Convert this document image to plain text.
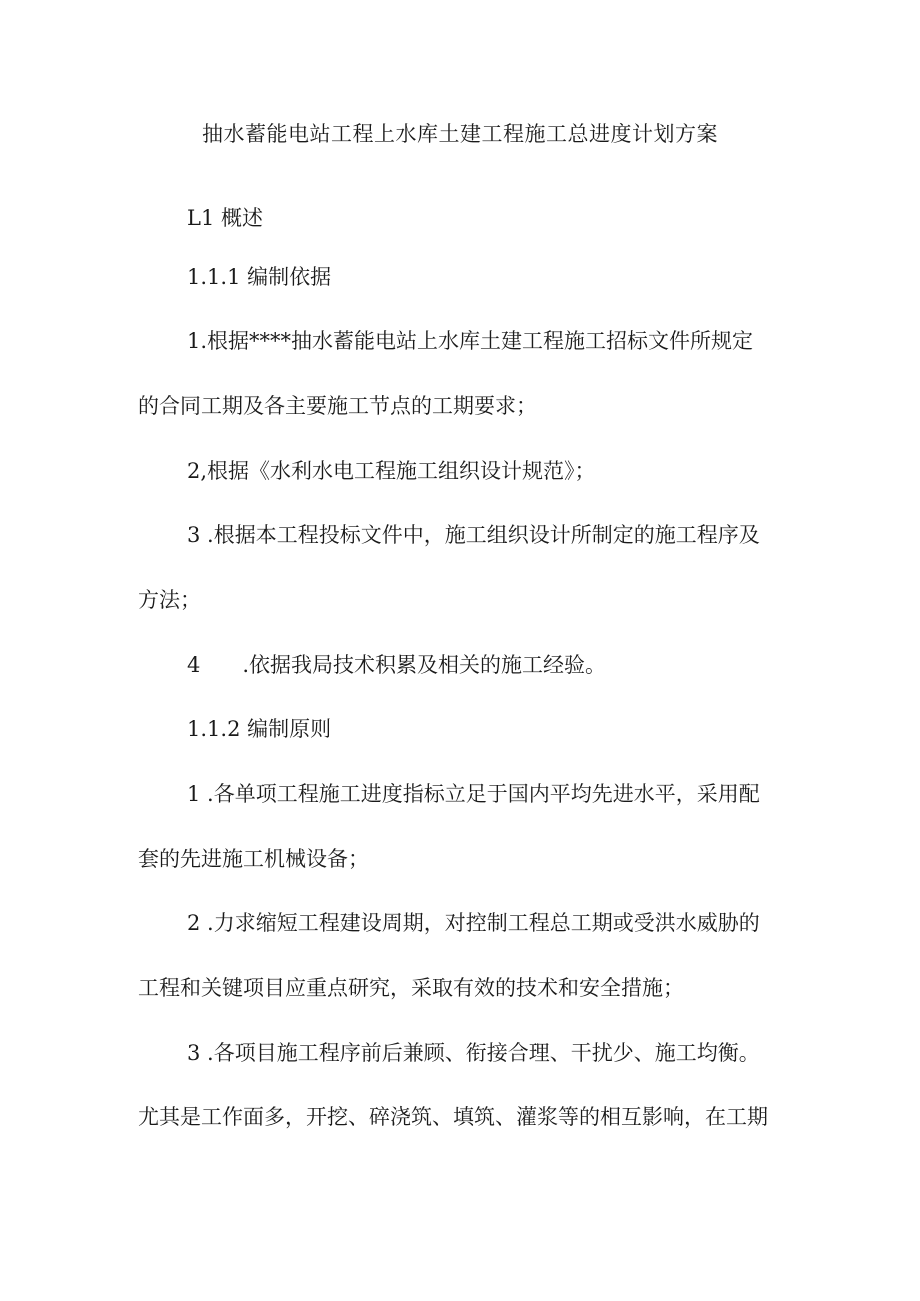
抽水蓄能电站工程上水库土建工程施工总进度计划方案
L1 概述
1.1.1 编制依据
1.根据****抽水蓄能电站上水库土建工程施工招标文件所规定
的合同工期及各主要施工节点的工期要求；
2,根据《水利水电工程施工组织设计规范》；
3 .根据本工程投标文件中，施工组织设计所制定的施工程序及
方法；
4　　.依据我局技术积累及相关的施工经验。
1.1.2 编制原则
1 .各单项工程施工进度指标立足于国内平均先进水平，采用配
套的先进施工机械设备；
2 .力求缩短工程建设周期，对控制工程总工期或受洪水威胁的
工程和关键项目应重点研究，采取有效的技术和安全措施；
3 .各项目施工程序前后兼顾、衔接合理、干扰少、施工均衡。
尤其是工作面多，开挖、碎浇筑、填筑、灌浆等的相互影响，在工期
